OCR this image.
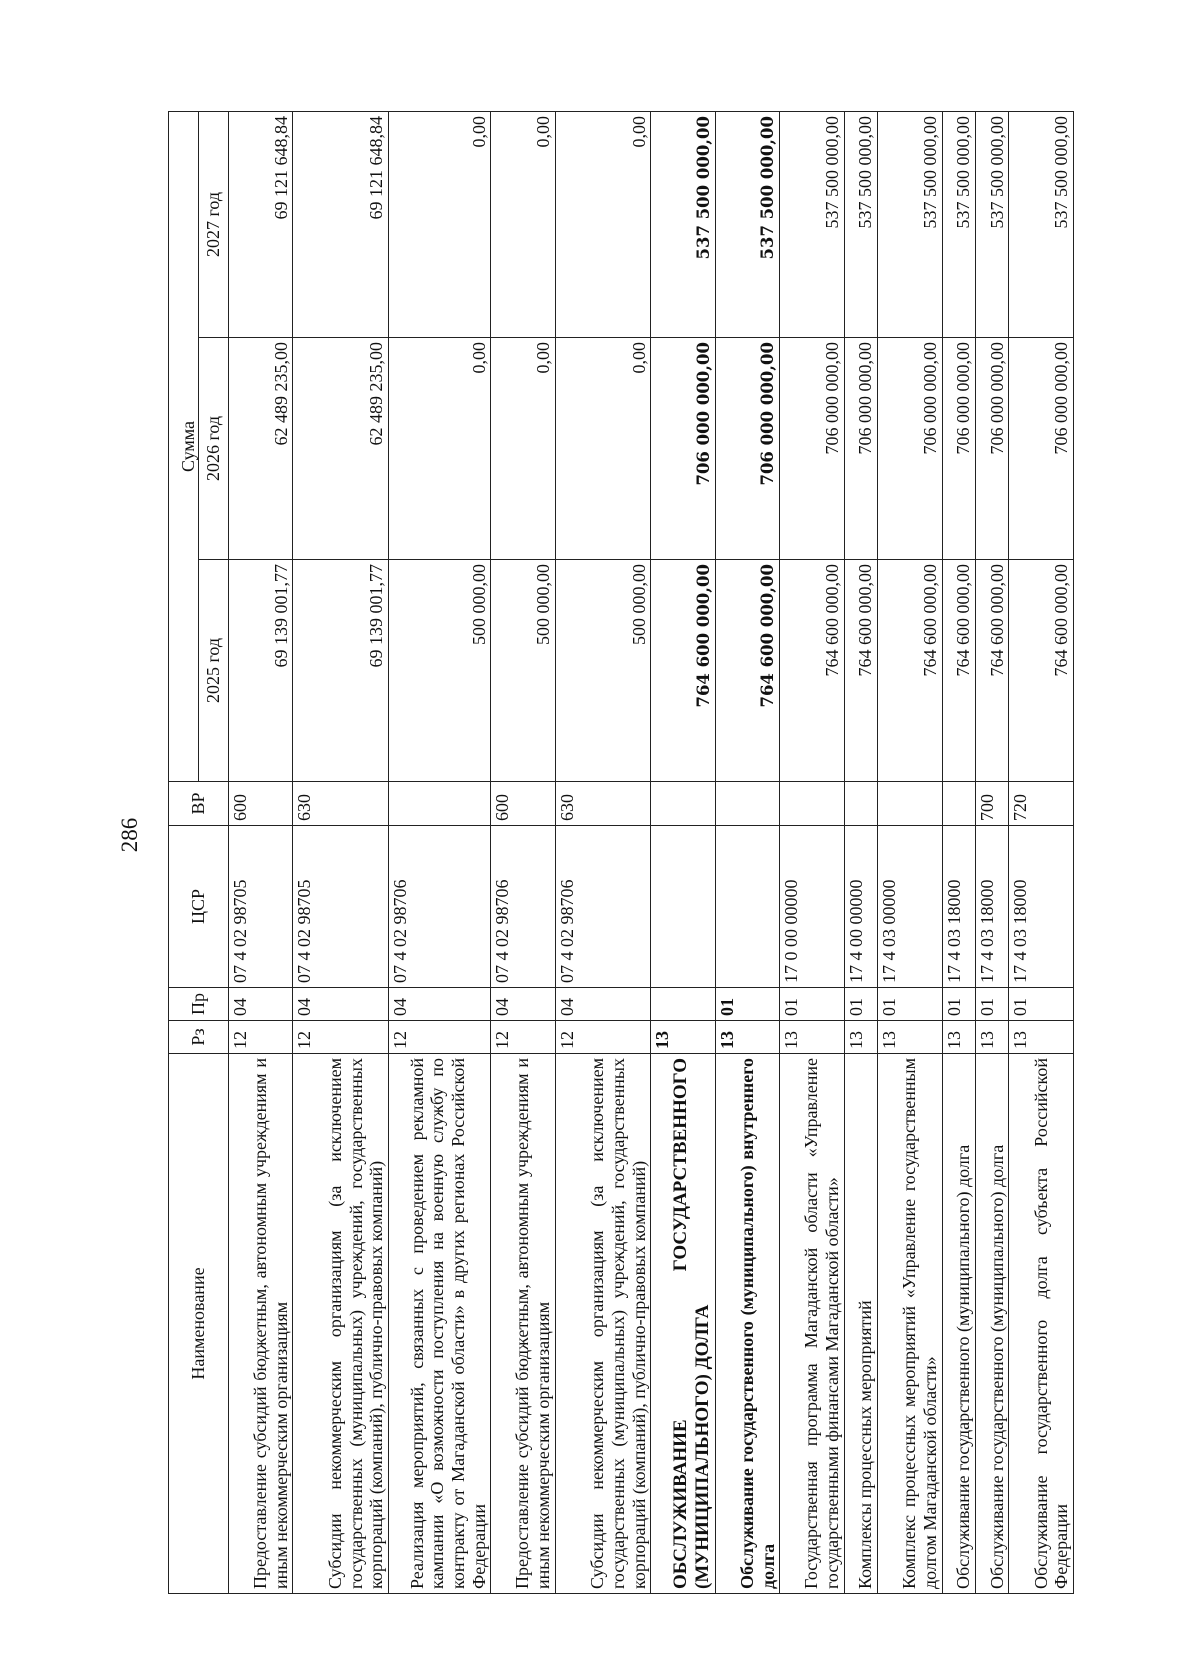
286
Наименование	Рз	Пр	ЦСР	ВР	Сумма		
					2025 год	2026 год	2027 год
Предоставление субсидий бюджетным, автономным учреждениям и иным некоммерческим организациям	12	04	07 4 02 98705	600	69 139 001,77	62 489 235,00	69 121 648,84
Субсидии некоммерческим организациям (за исключением государственных (муниципальных) учреждений, государственных корпораций (компаний), публично-правовых компаний)	12	04	07 4 02 98705	630	69 139 001,77	62 489 235,00	69 121 648,84
Реализация мероприятий, связанных с проведением рекламной кампании «О возможности поступления на военную службу по контракту от Магаданской области» в других регионах Российской Федерации	12	04	07 4 02 98706		500 000,00	0,00	0,00
Предоставление субсидий бюджетным, автономным учреждениям и иным некоммерческим организациям	12	04	07 4 02 98706	600	500 000,00	0,00	0,00
Субсидии некоммерческим организациям (за исключением государственных (муниципальных) учреждений, государственных корпораций (компаний), публично-правовых компаний)	12	04	07 4 02 98706	630	500 000,00	0,00	0,00
ОБСЛУЖИВАНИЕ ГОСУДАРСТВЕННОГО (МУНИЦИПАЛЬНОГО) ДОЛГА	13				764 600 000,00	706 000 000,00	537 500 000,00
Обслуживание государственного (муниципального) внутреннего долга	13	01			764 600 000,00	706 000 000,00	537 500 000,00
Государственная программа Магаданской области «Управление государственными финансами Магаданской области»	13	01	17 0 00 00000		764 600 000,00	706 000 000,00	537 500 000,00
Комплексы процессных мероприятий	13	01	17 4 00 00000		764 600 000,00	706 000 000,00	537 500 000,00
Комплекс процессных мероприятий «Управление государственным долгом Магаданской области»	13	01	17 4 03 00000		764 600 000,00	706 000 000,00	537 500 000,00
Обслуживание государственного (муниципального) долга	13	01	17 4 03 18000		764 600 000,00	706 000 000,00	537 500 000,00
Обслуживание государственного (муниципального) долга	13	01	17 4 03 18000	700	764 600 000,00	706 000 000,00	537 500 000,00
Обслуживание государственного долга субъекта Российской Федерации	13	01	17 4 03 18000	720	764 600 000,00	706 000 000,00	537 500 000,00
